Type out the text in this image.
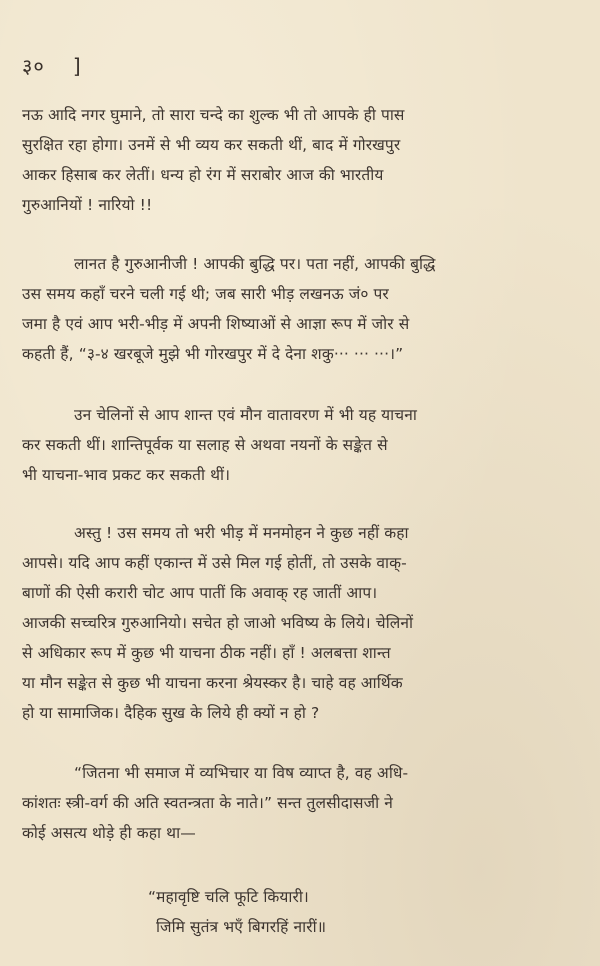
३० ]
नऊ आदि नगर घुमाने, तो सारा चन्दे का शुल्क भी तो आपके ही पास
सुरक्षित रहा होगा। उनमें से भी व्यय कर सकती थीं, बाद में गोरखपुर
आकर हिसाब कर लेतीं। धन्य हो रंग में सराबोर आज की भारतीय
गुरुआनियों ! नारियो !!
लानत है गुरुआनीजी ! आपकी बुद्धि पर। पता नहीं, आपकी बुद्धि
उस समय कहाँ चरने चली गई थी; जब सारी भीड़ लखनऊ जं० पर
जमा है एवं आप भरी-भीड़ में अपनी शिष्याओं से आज्ञा रूप में जोर से
कहती हैं, “३-४ खरबूजे मुझे भी गोरखपुर में दे देना शकु··· ··· ···।”
उन चेलिनों से आप शान्त एवं मौन वातावरण में भी यह याचना
कर सकती थीं। शान्तिपूर्वक या सलाह से अथवा नयनों के सङ्केत से
भी याचना-भाव प्रकट कर सकती थीं।
अस्तु ! उस समय तो भरी भीड़ में मनमोहन ने कुछ नहीं कहा
आपसे। यदि आप कहीं एकान्त में उसे मिल गई होतीं, तो उसके वाक्-
बाणों की ऐसी करारी चोट आप पातीं कि अवाक् रह जातीं आप।
आजकी सच्चरित्र गुरुआनियो। सचेत हो जाओ भविष्य के लिये। चेलिनों
से अधिकार रूप में कुछ भी याचना ठीक नहीं। हाँ ! अलबत्ता शान्त
या मौन सङ्केत से कुछ भी याचना करना श्रेयस्कर है। चाहे वह आर्थिक
हो या सामाजिक। दैहिक सुख के लिये ही क्यों न हो ?
“जितना भी समाज में व्यभिचार या विष व्याप्त है, वह अधि-
कांशतः स्त्री-वर्ग की अति स्वतन्त्रता के नाते।” सन्त तुलसीदासजी ने
कोई असत्य थोड़े ही कहा था—
“महावृष्टि चलि फूटि कियारी।
जिमि सुतंत्र भएँ बिगरहिं नारीं॥
